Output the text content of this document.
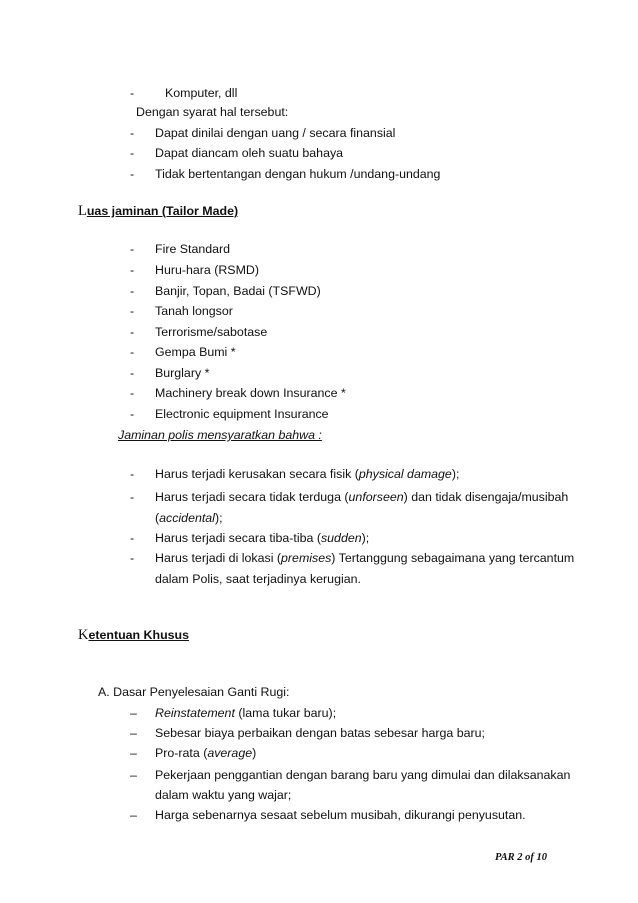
- Komputer, dll
Dengan syarat hal tersebut:
- Dapat dinilai dengan uang / secara finansial
- Dapat diancam oleh suatu bahaya
- Tidak bertentangan dengan hukum /undang-undang
Luas jaminan (Tailor Made)
- Fire Standard
- Huru-hara (RSMD)
- Banjir, Topan, Badai (TSFWD)
- Tanah longsor
- Terrorisme/sabotase
- Gempa Bumi *
- Burglary *
- Machinery break down Insurance *
- Electronic equipment Insurance
Jaminan polis mensyaratkan bahwa :
- Harus terjadi kerusakan secara fisik (physical damage);
- Harus terjadi secara tidak terduga (unforseen) dan tidak disengaja/musibah
(accidental);
- Harus terjadi secara tiba-tiba (sudden);
- Harus terjadi di lokasi (premises) Tertanggung sebagaimana yang tercantum
dalam Polis, saat terjadinya kerugian.
Ketentuan Khusus
A. Dasar Penyelesaian Ganti Rugi:
– Reinstatement (lama tukar baru);
– Sebesar biaya perbaikan dengan batas sebesar harga baru;
– Pro-rata (average)
– Pekerjaan penggantian dengan barang baru yang dimulai dan dilaksanakan
dalam waktu yang wajar;
– Harga sebenarnya sesaat sebelum musibah, dikurangi penyusutan.
PAR 2 of 10
